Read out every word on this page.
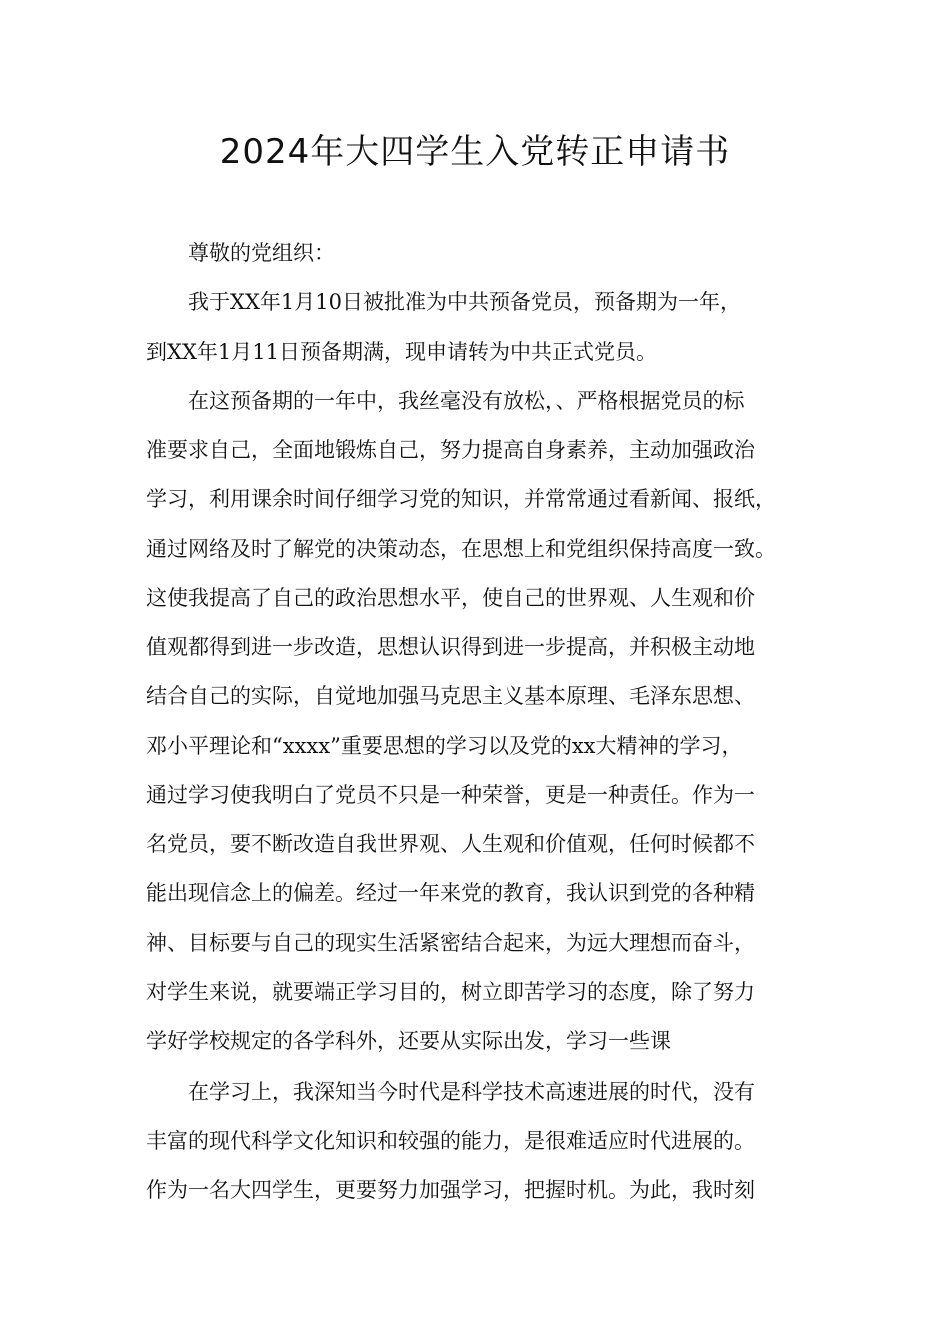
2024年大四学生入党转正申请书

尊敬的党组织：

我于XX年1月10日被批准为中共预备党员，预备期为一年，

到XX年1月11日预备期满，现申请转为中共正式党员。

在这预备期的一年中，我丝毫没有放松，、严格根据党员的标

准要求自己，全面地锻炼自己，努力提高自身素养，主动加强政治

学习，利用课余时间仔细学习党的知识，并常常通过看新闻、报纸，

通过网络及时了解党的决策动态，在思想上和党组织保持高度一致。

这使我提高了自己的政治思想水平，使自己的世界观、人生观和价

值观都得到进一步改造，思想认识得到进一步提高，并积极主动地

结合自己的实际，自觉地加强马克思主义基本原理、毛泽东思想、

邓小平理论和“xxxx”重要思想的学习以及党的xx大精神的学习，

通过学习使我明白了党员不只是一种荣誉，更是一种责任。作为一

名党员，要不断改造自我世界观、人生观和价值观，任何时候都不

能出现信念上的偏差。经过一年来党的教育，我认识到党的各种精

神、目标要与自己的现实生活紧密结合起来，为远大理想而奋斗，

对学生来说，就要端正学习目的，树立即苦学习的态度，除了努力

学好学校规定的各学科外，还要从实际出发，学习一些课

在学习上，我深知当今时代是科学技术高速进展的时代，没有

丰富的现代科学文化知识和较强的能力，是很难适应时代进展的。

作为一名大四学生，更要努力加强学习，把握时机。为此，我时刻
